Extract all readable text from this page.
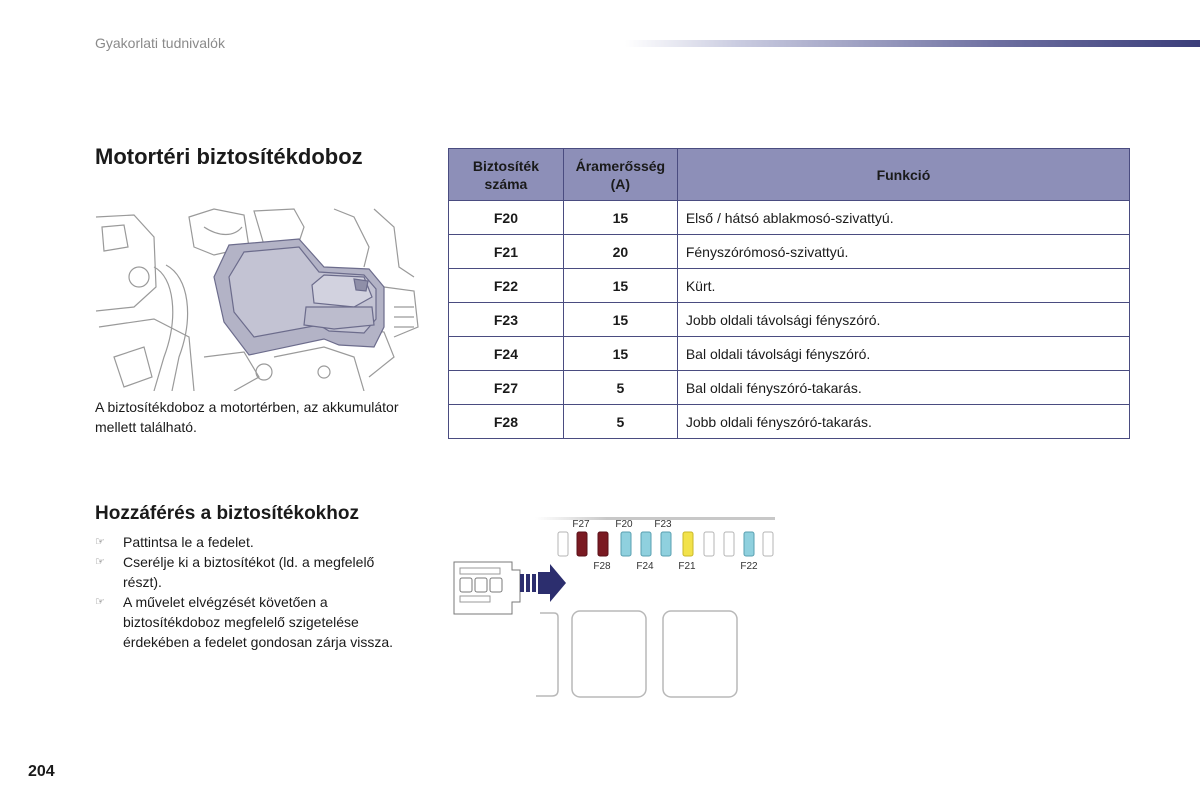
Gyakorlati tudnivalók
Motortéri biztosítékdoboz
A biztosítékdoboz a motortérben, az akkumulátor mellett található.
Biztosíték száma	Áramerősség (A)	Funkció
F20	15	Első / hátsó ablakmosó-szivattyú.
F21	20	Fényszórómosó-szivattyú.
F22	15	Kürt.
F23	15	Jobb oldali távolsági fényszóró.
F24	15	Bal oldali távolsági fényszóró.
F27	5	Bal oldali fényszóró-takarás.
F28	5	Jobb oldali fényszóró-takarás.
Hozzáférés a biztosítékokhoz
☞ Pattintsa le a fedelet.
☞ Cserélje ki a biztosítékot (ld. a megfelelő részt).
☞ A művelet elvégzését követően a biztosítékdoboz megfelelő szigetelése érdekében a fedelet gondosan zárja vissza.
F27	F20 F23
F28	F24 F21	F22
204
